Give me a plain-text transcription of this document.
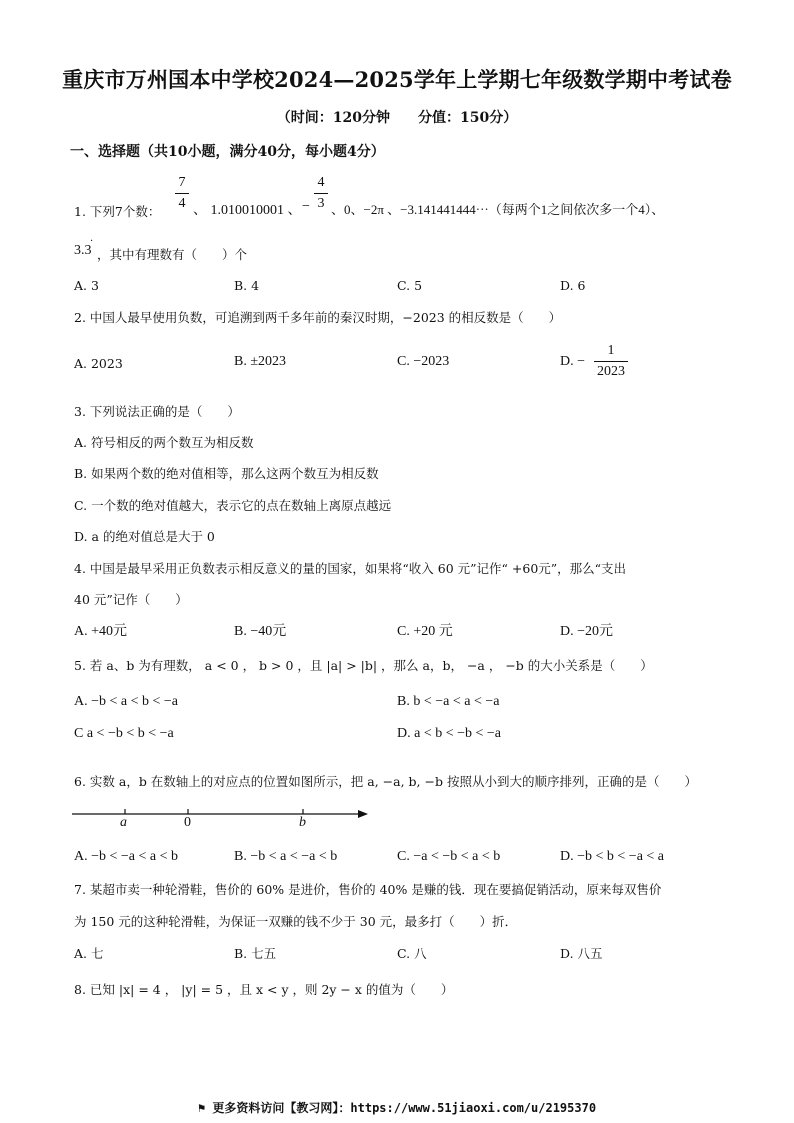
重庆市万州国本中学校2024—2025学年上学期七年级数学期中考试卷
（时间：120分钟　　分值：150分）
一、选择题（共10小题，满分40分，每小题4分）
1. 下列7个数：
7
4 、 1.010010001 、 −
4
3 、0、−2π 、−3.141441444⋯（每两个1之间依次多一个4）、
3.3
·
，其中有理数有（　　）个
A. 3	B. 4	C. 5	D. 6
2. 中国人最早使用负数，可追溯到两千多年前的秦汉时期，−2023 的相反数是（　　）
A. 2023	B. ±2023	C. −2023	D. −
1
2023
3. 下列说法正确的是（　　）
A. 符号相反的两个数互为相反数
B. 如果两个数的绝对值相等，那么这两个数互为相反数
C. 一个数的绝对值越大，表示它的点在数轴上离原点越远
D. a 的绝对值总是大于 0
4. 中国是最早采用正负数表示相反意义的量的国家，如果将“收入 60 元”记作“ +60元”，那么“支出
40 元”记作（　　）
A. +40元	B. −40元	C. +20 元	D. −20元
5. 若 a、b 为有理数， a < 0 ， b > 0 ，且 |a| > |b| ，那么 a，b， −a ， −b 的大小关系是（　　）
A. −b < a < b < −a	B. b < −a < a < −a
C a < −b < b < −a	D. a < b < −b < −a
6. 实数 a，b 在数轴上的对应点的位置如图所示，把 a, −a, b, −b 按照从小到大的顺序排列，正确的是（　　）
a	0	b
A. −b < −a < a < b	B. −b < a < −a < b	C. −a < −b < a < b	D. −b < b < −a < a
7. 某超市卖一种轮滑鞋，售价的 60% 是进价，售价的 40% 是赚的钱．现在要搞促销活动，原来每双售价
为 150 元的这种轮滑鞋，为保证一双赚的钱不少于 30 元，最多打（　　）折．
A. 七	B. 七五	C. 八	D. 八五
8. 已知 |x| = 4 ， |y| = 5 ，且 x < y ，则 2y − x 的值为（　　）
⚑ 更多资料访问【教习网】：https://www.51jiaoxi.com/u/2195370
